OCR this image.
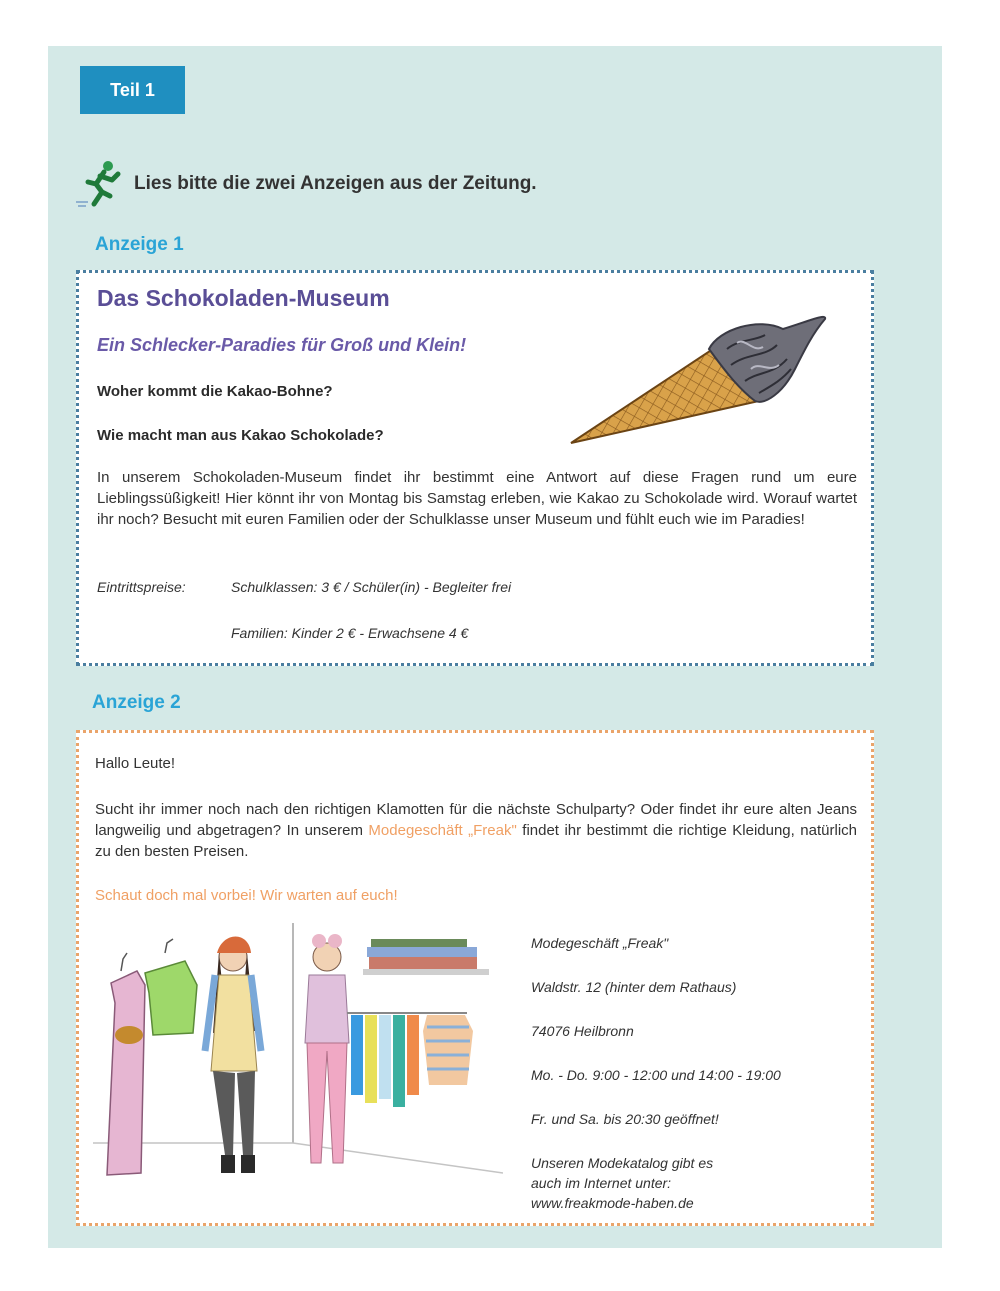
Teil 1
Lies bitte die zwei Anzeigen aus der Zeitung.
Anzeige 1
Das Schokoladen-Museum
Ein Schlecker-Paradies für Groß und Klein!
Woher kommt die Kakao-Bohne?
Wie macht man aus Kakao Schokolade?
In unserem Schokoladen-Museum findet ihr bestimmt eine Antwort auf diese Fragen rund um eure Lieblingssüßigkeit! Hier könnt ihr von Montag bis Samstag erleben, wie Kakao zu Schokolade wird. Worauf wartet ihr noch? Besucht mit euren Familien oder der Schulklasse unser Museum und fühlt euch wie im Paradies!
Eintrittspreise:	Schulklassen: 3 € / Schüler(in) - Begleiter frei
Familien: Kinder 2 € - Erwachsene 4 €
Anzeige 2
Hallo Leute!
Sucht ihr immer noch nach den richtigen Klamotten für die nächste Schulparty? Oder findet ihr eure alten Jeans langweilig und abgetragen? In unserem Modegeschäft „Freak" findet ihr bestimmt die richtige Kleidung, natürlich zu den besten Preisen.
Schaut doch mal vorbei! Wir warten auf euch!
Modegeschäft „Freak"
Waldstr. 12 (hinter dem Rathaus)
74076 Heilbronn
Mo. - Do. 9:00 - 12:00 und 14:00 - 19:00
Fr. und Sa. bis 20:30 geöffnet!
Unseren Modekatalog gibt es
auch im Internet unter:
www.freakmode-haben.de
